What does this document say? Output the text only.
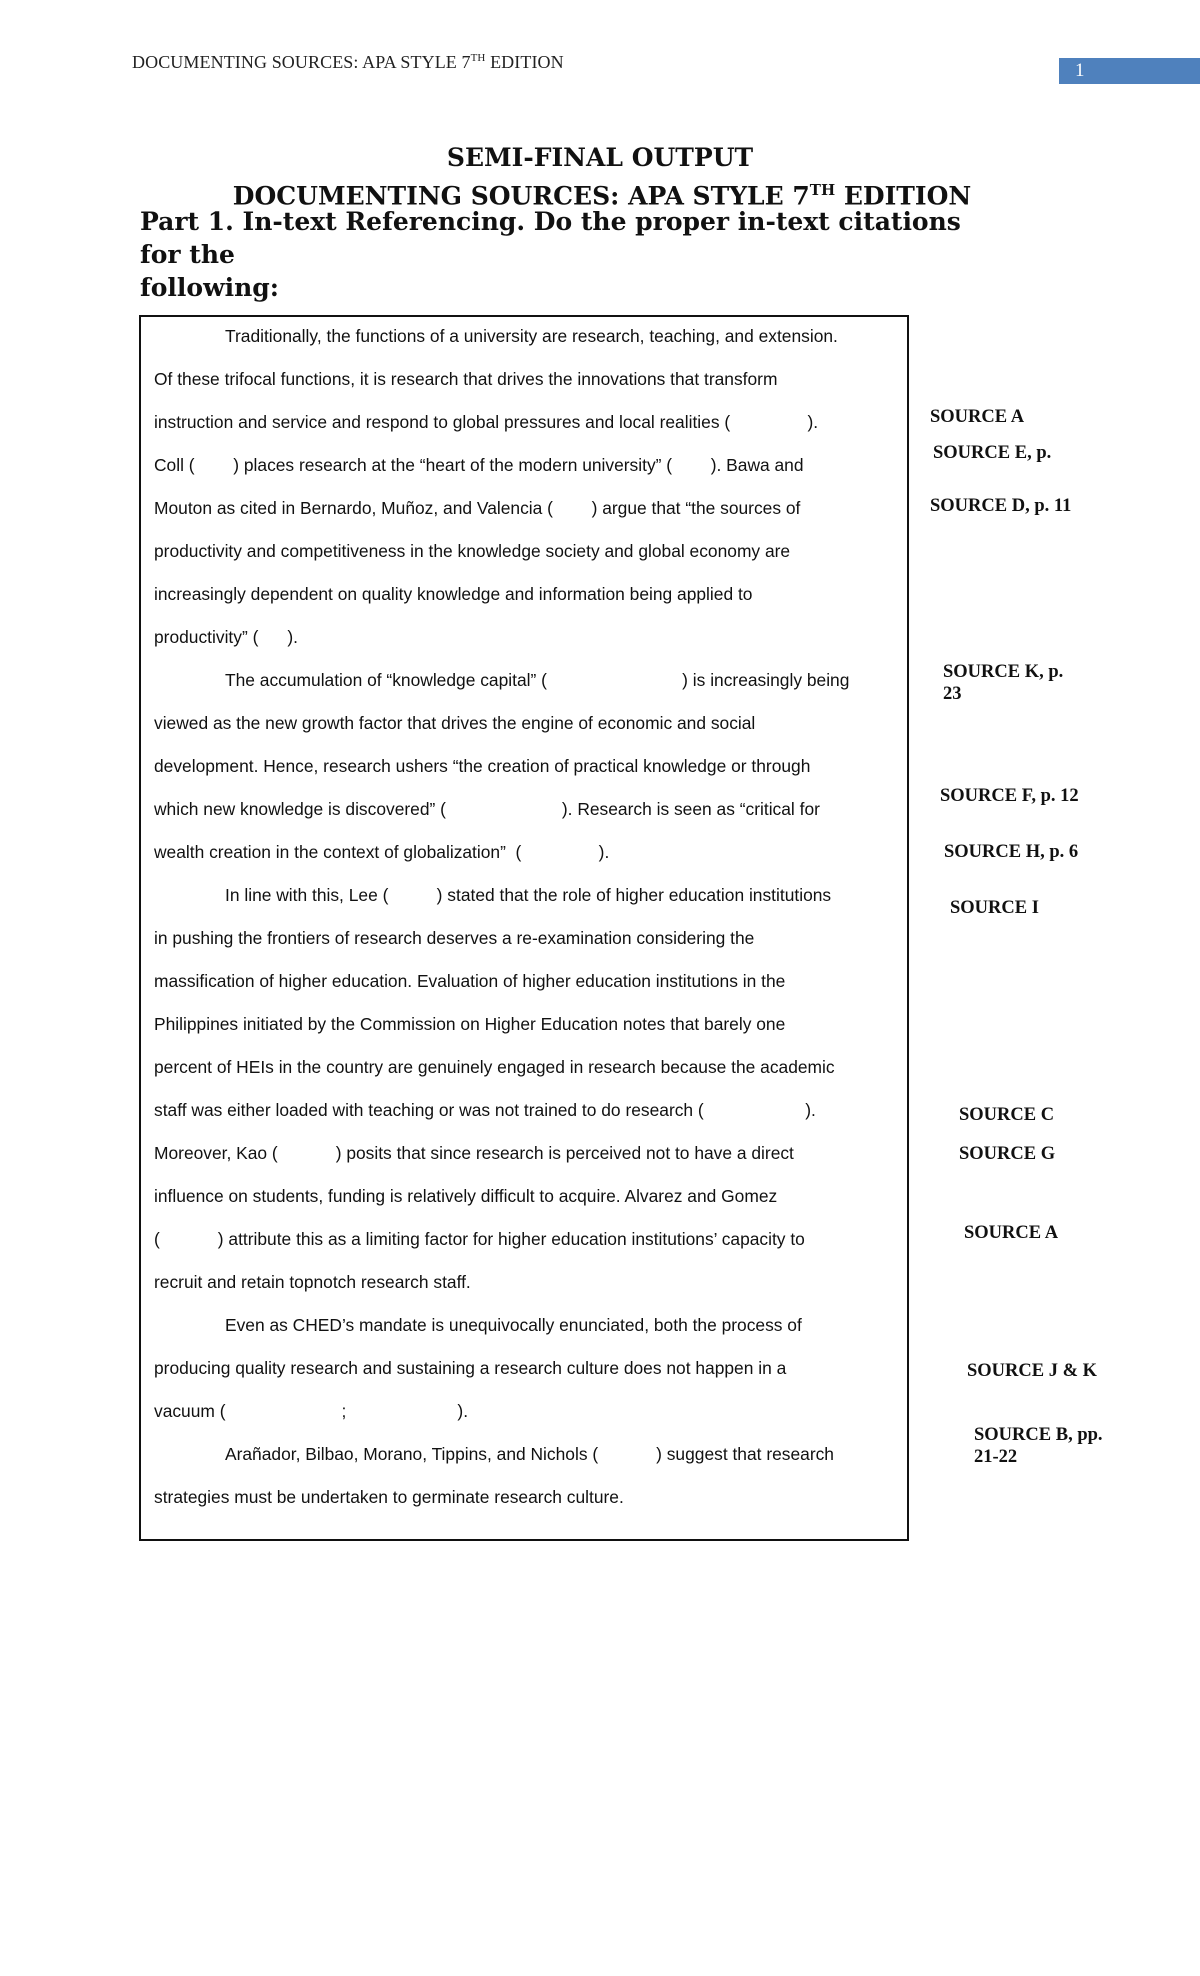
DOCUMENTING SOURCES: APA STYLE 7TH EDITION	1
SEMI-FINAL OUTPUT
DOCUMENTING SOURCES: APA STYLE 7TH EDITION
Part 1. In-text Referencing. Do the proper in-text citations for the
following:
Traditionally, the functions of a university are research, teaching, and extension.
Of these trifocal functions, it is research that drives the innovations that transform
instruction and service and respond to global pressures and local realities (                ).
Coll (        ) places research at the “heart of the modern university” (        ). Bawa and
Mouton as cited in Bernardo, Muñoz, and Valencia (        ) argue that “the sources of
productivity and competitiveness in the knowledge society and global economy are
increasingly dependent on quality knowledge and information being applied to
productivity” (      ).
The accumulation of “knowledge capital” (                            ) is increasingly being
viewed as the new growth factor that drives the engine of economic and social
development. Hence, research ushers “the creation of practical knowledge or through
which new knowledge is discovered” (                        ). Research is seen as “critical for
wealth creation in the context of globalization”  (                ).
In line with this, Lee (          ) stated that the role of higher education institutions
in pushing the frontiers of research deserves a re-examination considering the
massification of higher education. Evaluation of higher education institutions in the
Philippines initiated by the Commission on Higher Education notes that barely one
percent of HEIs in the country are genuinely engaged in research because the academic
staff was either loaded with teaching or was not trained to do research (                     ).
Moreover, Kao (            ) posits that since research is perceived not to have a direct
influence on students, funding is relatively difficult to acquire. Alvarez and Gomez
(            ) attribute this as a limiting factor for higher education institutions’ capacity to
recruit and retain topnotch research staff.
Even as CHED’s mandate is unequivocally enunciated, both the process of
producing quality research and sustaining a research culture does not happen in a
vacuum (                        ;                       ).
Arañador, Bilbao, Morano, Tippins, and Nichols (            ) suggest that research
strategies must be undertaken to germinate research culture.
SOURCE A
SOURCE E, p.
SOURCE D, p. 11
SOURCE K, p.
23
SOURCE F, p. 12
SOURCE H, p. 6
SOURCE I
SOURCE C
SOURCE G
SOURCE A
SOURCE J & K
SOURCE B, pp.
21-22
